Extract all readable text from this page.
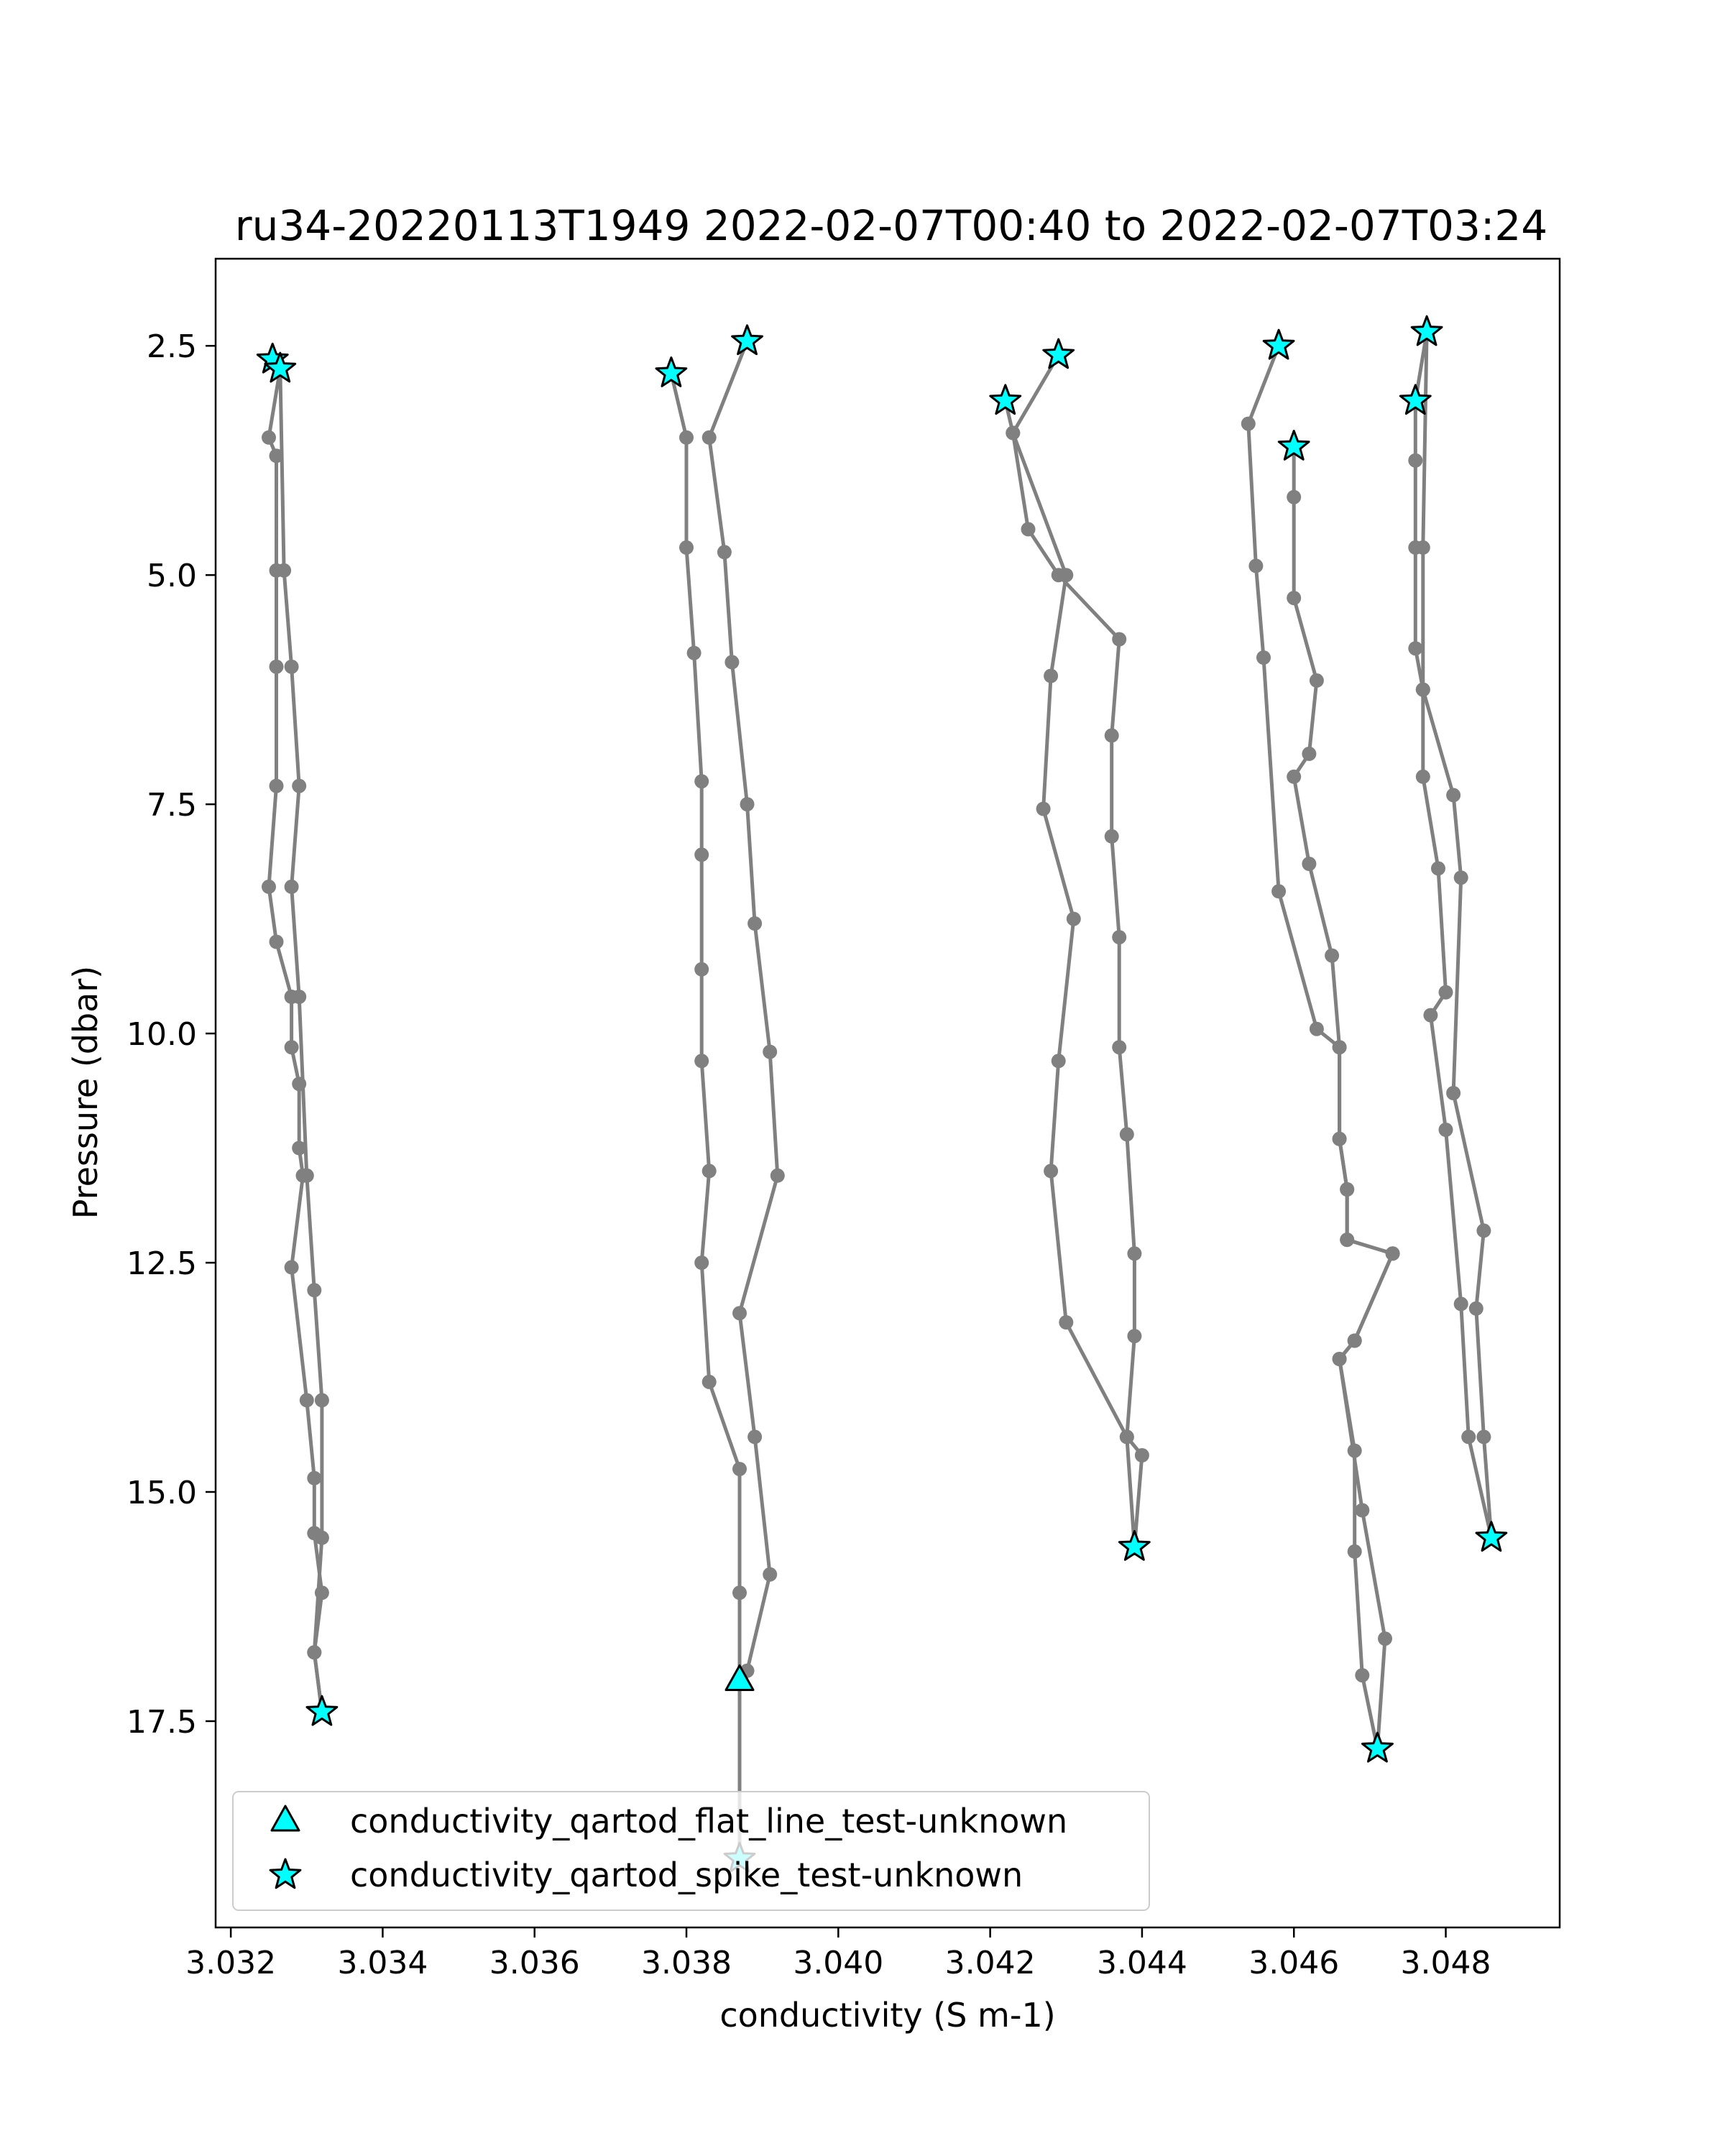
ru34-20220113T1949 2022-02-07T00:40 to 2022-02-07T03:24
3.032 3.034 3.036 3.038 3.040 3.042 3.044 3.046 3.048
2.5
5.0
7.5
10.0
12.5
15.0
17.5
conductivity (S m-1)
Pressure (dbar)
conductivity_qartod_flat_line_test-unknown
conductivity_qartod_spike_test-unknown
